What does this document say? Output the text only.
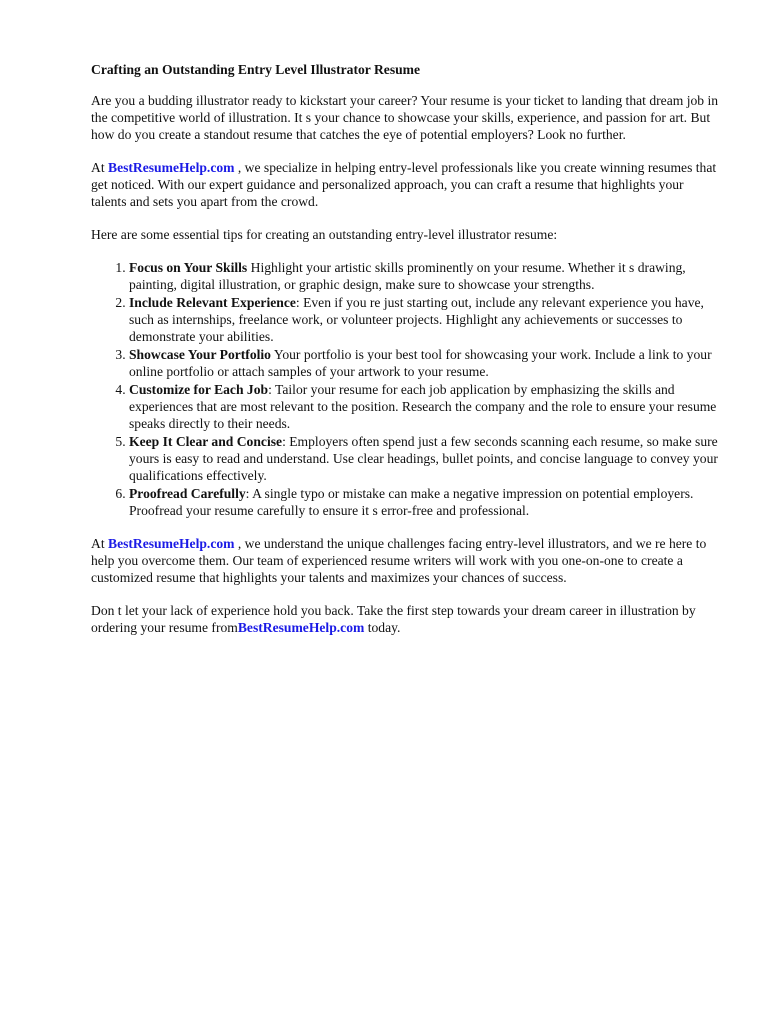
Crafting an Outstanding Entry Level Illustrator Resume

Are you a budding illustrator ready to kickstart your career? Your resume is your ticket to landing that dream job in the competitive world of illustration. It s your chance to showcase your skills, experience, and passion for art. But how do you create a standout resume that catches the eye of potential employers? Look no further.

At BestResumeHelp.com , we specialize in helping entry-level professionals like you create winning resumes that get noticed. With our expert guidance and personalized approach, you can craft a resume that highlights your talents and sets you apart from the crowd.

Here are some essential tips for creating an outstanding entry-level illustrator resume:

1. Focus on Your Skills Highlight your artistic skills prominently on your resume. Whether it s drawing, painting, digital illustration, or graphic design, make sure to showcase your strengths.
2. Include Relevant Experience: Even if you re just starting out, include any relevant experience you have, such as internships, freelance work, or volunteer projects. Highlight any achievements or successes to demonstrate your abilities.
3. Showcase Your Portfolio Your portfolio is your best tool for showcasing your work. Include a link to your online portfolio or attach samples of your artwork to your resume.
4. Customize for Each Job: Tailor your resume for each job application by emphasizing the skills and experiences that are most relevant to the position. Research the company and the role to ensure your resume speaks directly to their needs.
5. Keep It Clear and Concise: Employers often spend just a few seconds scanning each resume, so make sure yours is easy to read and understand. Use clear headings, bullet points, and concise language to convey your qualifications effectively.
6. Proofread Carefully: A single typo or mistake can make a negative impression on potential employers. Proofread your resume carefully to ensure it s error-free and professional.

At BestResumeHelp.com , we understand the unique challenges facing entry-level illustrators, and we re here to help you overcome them. Our team of experienced resume writers will work with you one-on-one to create a customized resume that highlights your talents and maximizes your chances of success.

Don t let your lack of experience hold you back. Take the first step towards your dream career in illustration by ordering your resume fromBestResumeHelp.com today.
